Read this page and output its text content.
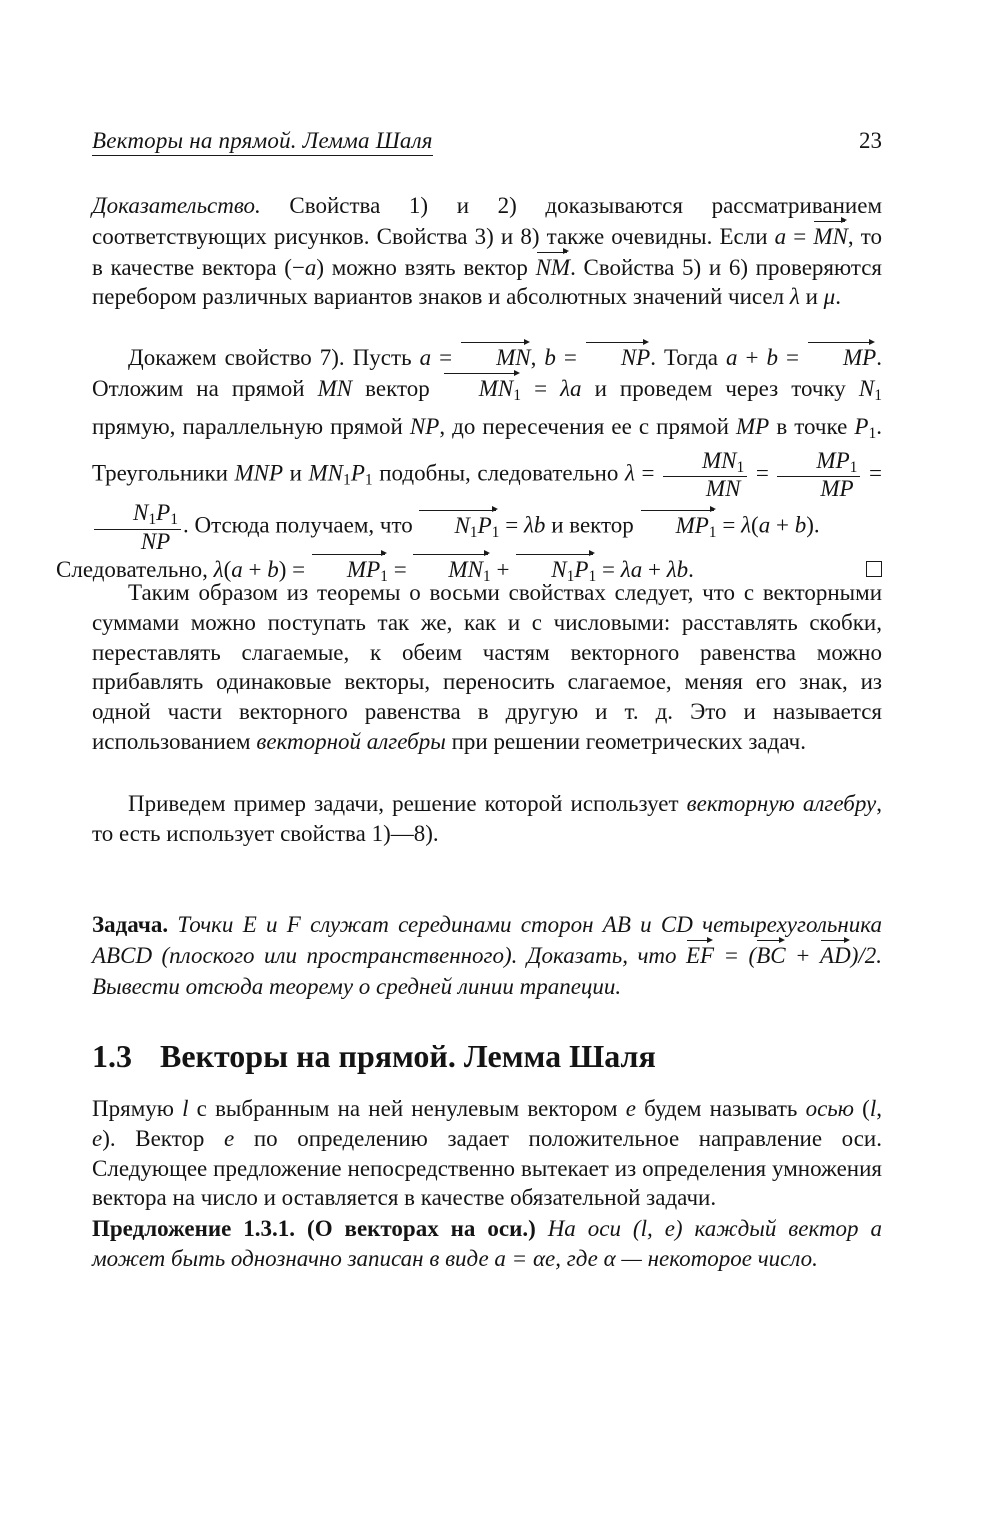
Векторы на прямой. Лемма Шаля	23
Доказательство. Свойства 1) и 2) доказываются рассматриванием соответствующих рисунков. Свойства 3) и 8) также очевидны. Если a = MN, то в качестве вектора (−a) можно взять вектор NM. Свойства 5) и 6) проверяются перебором различных вариантов знаков и абсолютных значений чисел λ и μ.
Докажем свойство 7). Пусть a = MN, b = NP. Тогда a + b = MP. Отложим на прямой MN вектор $MN_1 = \lambda a$ и проведем через точку $N_1$ прямую, параллельную прямой NP, до пересечения ее с прямой MP в точке $P_1$. Треугольники MNP и $MN_1P_1$ подобны, следовательно $\lambda = \frac{MN_1}{MN} = \frac{MP_1}{MP}$ =
$\frac{N_1P_1}{NP}$ . Отсюда получаем, что $N_1P_1 = \lambda b$ и вектор $MP_1 = \lambda(a + b)$.
Следовательно, $\lambda(a + b) = MP_1 = MN_1 + N_1P_1 = \lambda a + \lambda b$.
Таким образом из теоремы о восьми свойствах следует, что с векторными суммами можно поступать так же, как и с числовыми: расставлять скобки, переставлять слагаемые, к обеим частям векторного равенства можно прибавлять одинаковые векторы, переносить слагаемое, меняя его знак, из одной части векторного равенства в другую и т. д. Это и называется использованием векторной алгебры при решении геометрических задач.
Приведем пример задачи, решение которой использует векторную алгебру, то есть использует свойства 1)—8).
Задача. Точки E и F служат серединами сторон AB и CD четырехугольника ABCD (плоского или пространственного). Доказать, что EF = (BC + AD)/2. Вывести отсюда теорему о средней линии трапеции.
1.3 Векторы на прямой. Лемма Шаля
Прямую l с выбранным на ней ненулевым вектором e будем называть осью (l, e). Вектор e по определению задает положительное направление оси. Следующее предложение непосредственно вытекает из определения умножения вектора на число и оставляется в качестве обязательной задачи.
Предложение 1.3.1. (О векторах на оси.) На оси (l, e) каждый вектор a может быть однозначно записан в виде a = αe, где α — некоторое число.
